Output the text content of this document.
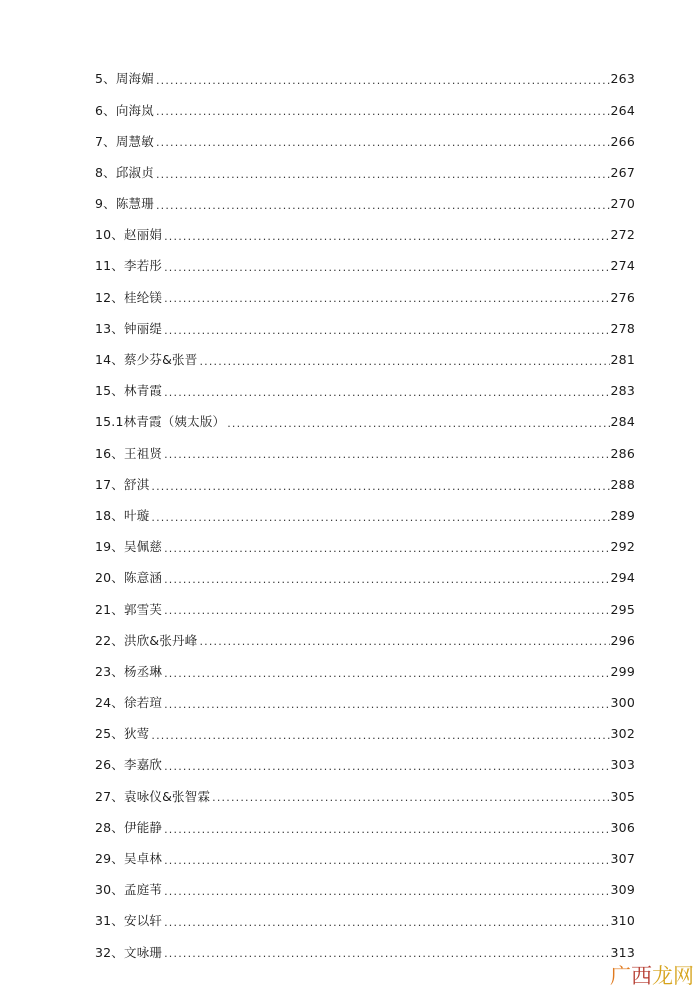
5、周海媚 .....	263
6、向海岚 .....	264
7、周慧敏 .....	266
8、邱淑贞 .....	267
9、陈慧珊 .....	270
10、赵丽娟 .....	272
11、李若彤 .....	274
12、桂纶镁 .....	276
13、钟丽缇 .....	278
14、蔡少芬&张晋 .....	281
15、林青霞 .....	283
15.1林青霞（姨太版） .....	284
16、王祖贤 .....	286
17、舒淇 .....	288
18、叶璇 .....	289
19、吴佩慈 .....	292
20、陈意涵 .....	294
21、郭雪芙 .....	295
22、洪欣&张丹峰 .....	296
23、杨丞琳 .....	299
24、徐若瑄 .....	300
25、狄莺 .....	302
26、李嘉欣 .....	303
27、袁咏仪&张智霖 .....	305
28、伊能静 .....	306
29、吴卓林 .....	307
30、孟庭苇 .....	309
31、安以轩 .....	310
32、文咏珊 .....	313
广 西 龙网
